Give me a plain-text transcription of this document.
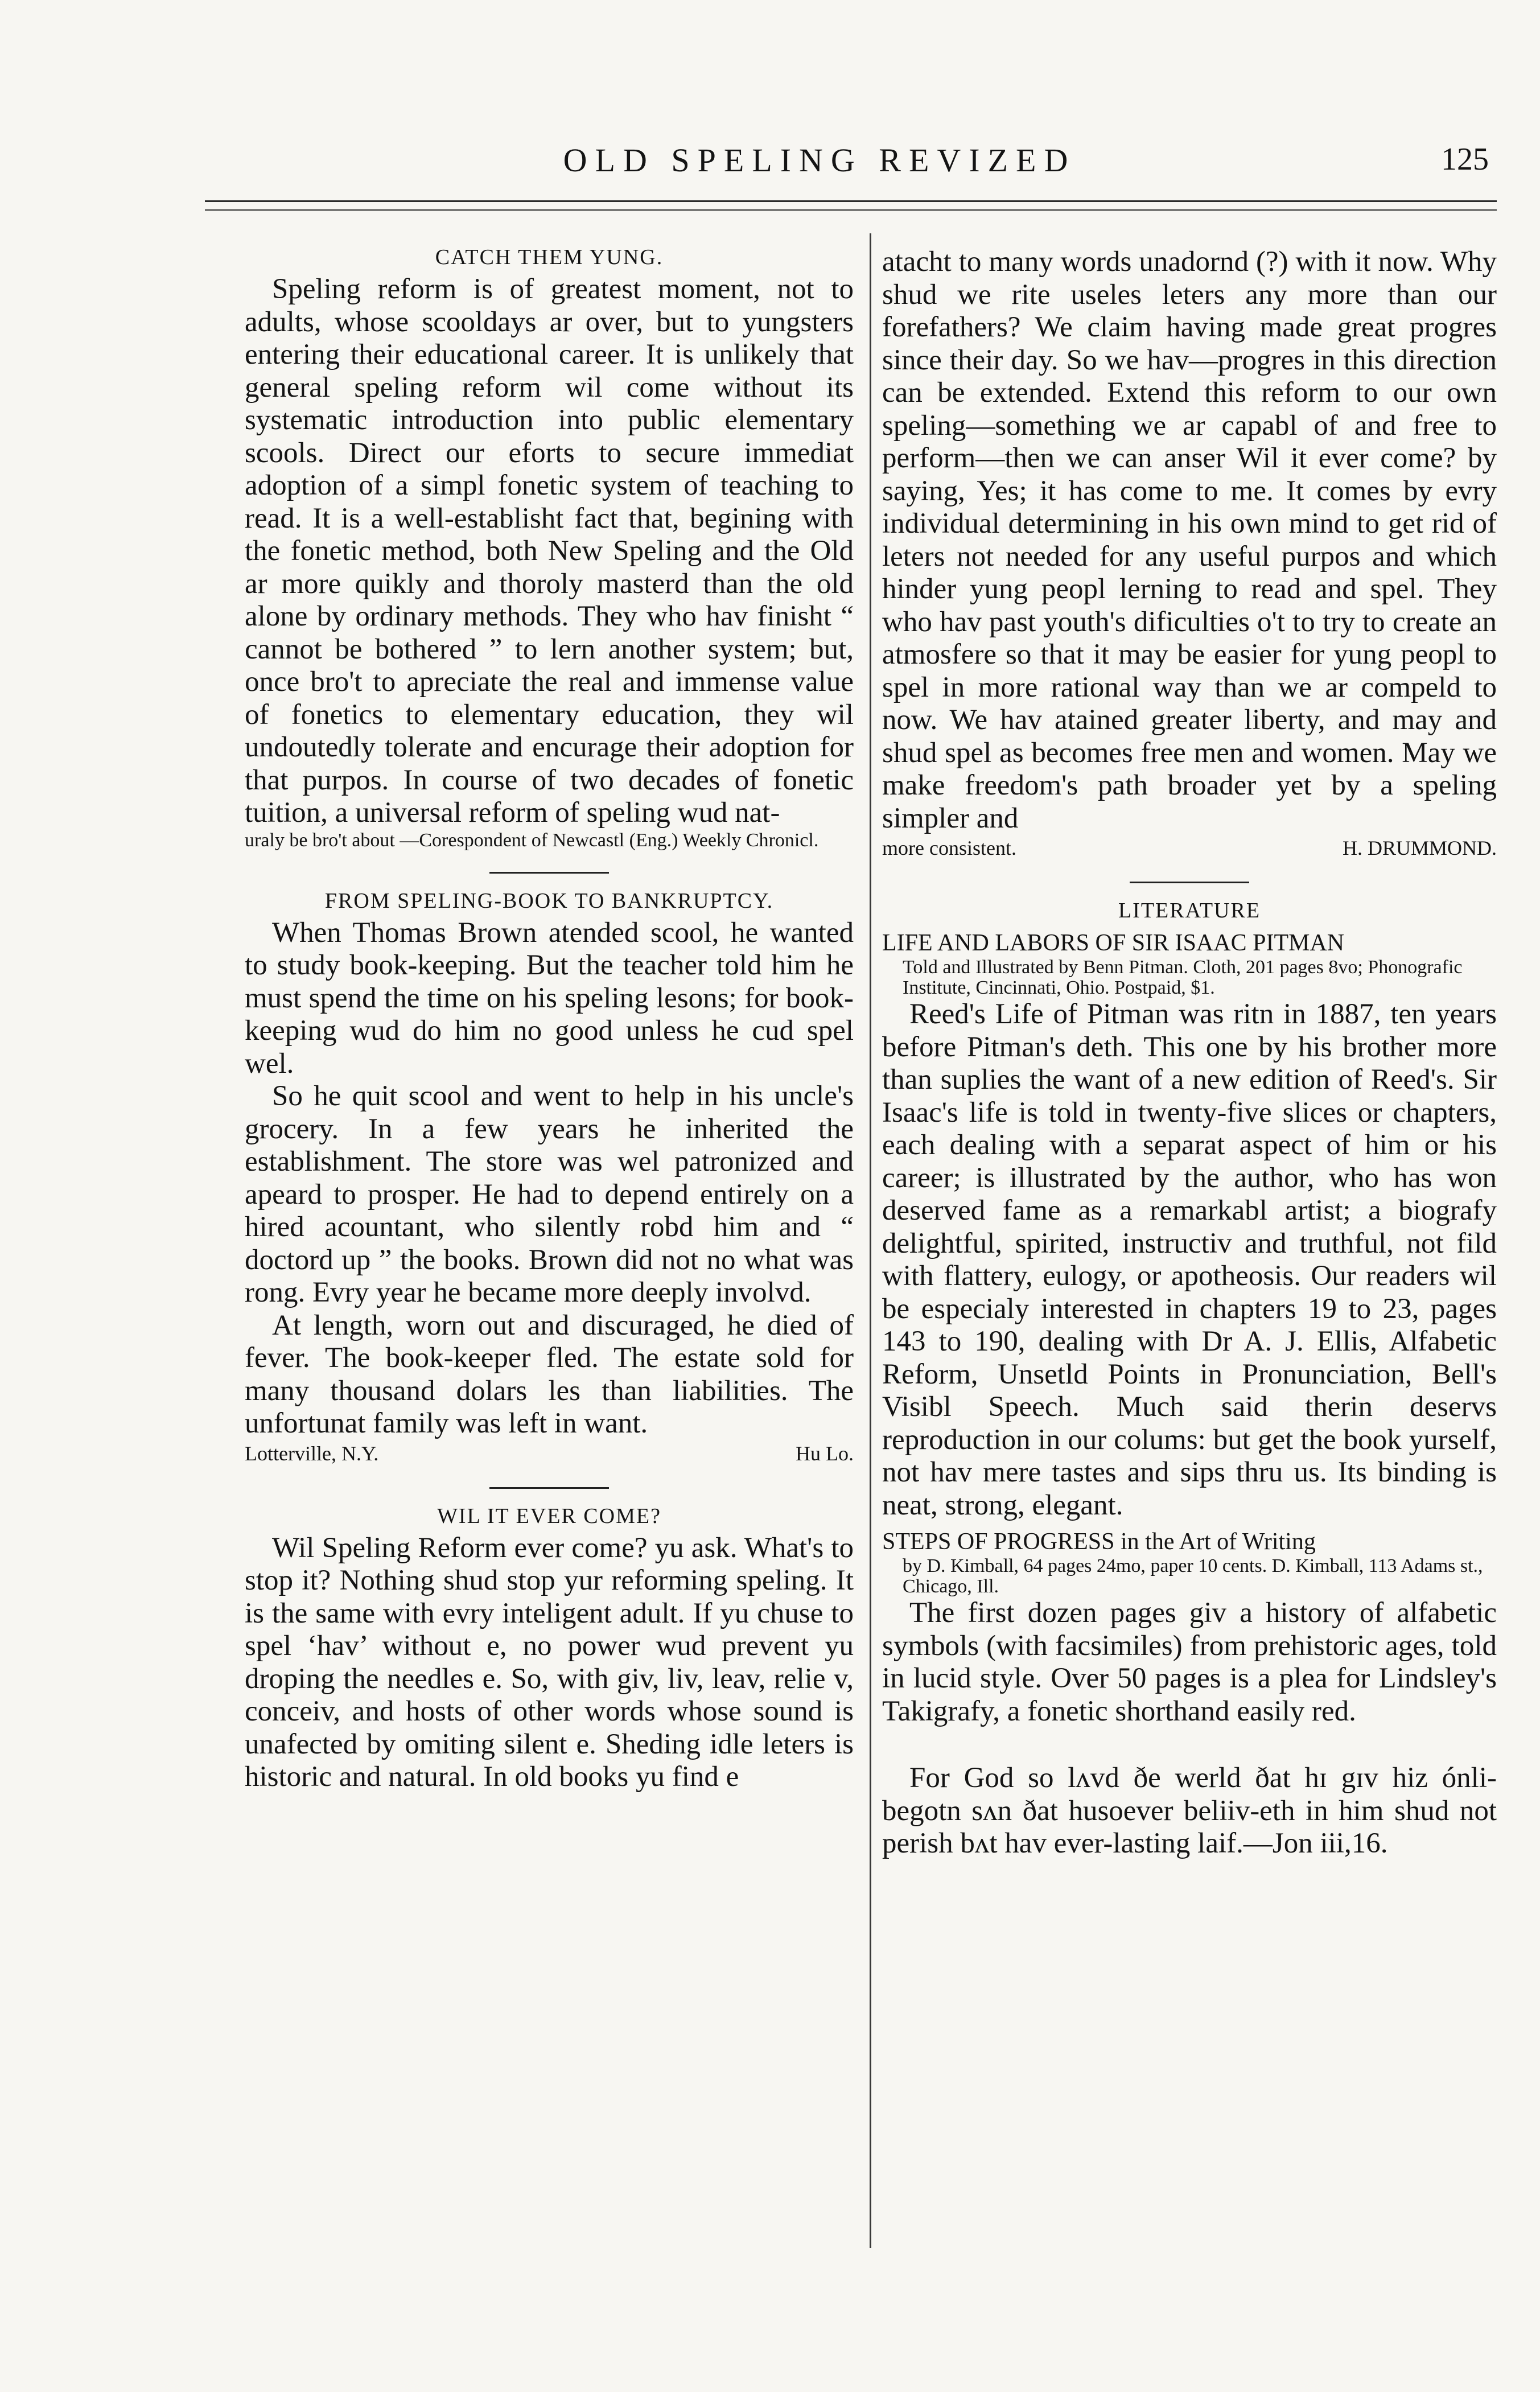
OLD SPELING REVIZED	125
CATCH THEM YUNG.

Speling reform is of greatest moment, not to adults, whose scooldays ar over, but to yungsters entering their educational career. It is unlikely that general speling reform wil come without its systematic introduction into public elementary scools. Direct our eforts to secure immediat adoption of a simpl fonetic system of teaching to read. It is a well-establisht fact that, begining with the fonetic method, both New Speling and the Old ar more quikly and thoroly masterd than the old alone by ordinary methods. They who hav finisht “ cannot be bothered ” to lern another system; but, once bro't to apreciate the real and immense value of fonetics to elementary education, they wil undoutedly tolerate and encurage their adoption for that purpos. In course of two decades of fonetic tuition, a universal reform of speling wud nat-

uraly be bro't about —Corespondent of Newcastl (Eng.) Weekly Chronicl.

FROM SPELING-BOOK TO BANKRUPTCY.

When Thomas Brown atended scool, he wanted to study book-keeping. But the teacher told him he must spend the time on his speling lesons; for book-keeping wud do him no good unless he cud spel wel.

So he quit scool and went to help in his uncle's grocery. In a few years he inherited the establishment. The store was wel patronized and apeard to prosper. He had to depend entirely on a hired acountant, who silently robd him and “ doctord up ” the books. Brown did not no what was rong. Evry year he became more deeply involvd.

At length, worn out and discuraged, he died of fever. The book-keeper fled. The estate sold for many thousand dolars les than liabilities. The unfortunat family was left in want.

Lotterville, N.Y.	Hu Lo.
WIL IT EVER COME?

Wil Speling Reform ever come? yu ask. What's to stop it? Nothing shud stop yur reforming speling. It is the same with evry inteligent adult. If yu chuse to spel ‘hav’ without e, no power wud prevent yu droping the needles e. So, with giv, liv, leav, relie v, conceiv, and hosts of other words whose sound is unafected by omiting silent e. Sheding idle leters is historic and natural. In old books yu find e

atacht to many words unadornd (?) with it now. Why shud we rite useles leters any more than our forefathers? We claim having made great progres since their day. So we hav—progres in this direction can be extended. Extend this reform to our own speling—something we ar capabl of and free to perform—then we can anser Wil it ever come? by saying, Yes; it has come to me. It comes by evry individual determining in his own mind to get rid of leters not needed for any useful purpos and which hinder yung peopl lerning to read and spel. They who hav past youth's dificulties o't to try to create an atmosfere so that it may be easier for yung peopl to spel in more rational way than we ar compeld to now. We hav atained greater liberty, and may and shud spel as becomes free men and women. May we make freedom's path broader yet by a speling simpler and

more consistent.	H. DRUMMOND.
LITERATURE
LIFE AND LABORS OF SIR ISAAC PITMAN
Told and Illustrated by Benn Pitman. Cloth, 201 pages 8vo; Phonografic Institute, Cincinnati, Ohio. Postpaid, $1.

Reed's Life of Pitman was ritn in 1887, ten years before Pitman's deth. This one by his brother more than suplies the want of a new edition of Reed's. Sir Isaac's life is told in twenty-five slices or chapters, each dealing with a separat aspect of him or his career; is illustrated by the author, who has won deserved fame as a remarkabl artist; a biografy delightful, spirited, instructiv and truthful, not fild with flattery, eulogy, or apotheosis. Our readers wil be especialy interested in chapters 19 to 23, pages 143 to 190, dealing with Dr A. J. Ellis, Alfabetic Reform, Unsetld Points in Pronunciation, Bell's Visibl Speech. Much said therin deservs reproduction in our colums: but get the book yurself, not hav mere tastes and sips thru us. Its binding is neat, strong, elegant.

STEPS OF PROGRESS in the Art of Writing
by D. Kimball, 64 pages 24mo, paper 10 cents. D. Kimball, 113 Adams st., Chicago, Ill.

The first dozen pages giv a history of alfabetic symbols (with facsimiles) from prehistoric ages, told in lucid style. Over 50 pages is a plea for Lindsley's Takigrafy, a fonetic shorthand easily red.

For God so lʌvd ðe werld ðat hɪ gɪv hiz ónli-begotn sʌn ðat husoever beliiv-eth in him shud not perish bʌt hav ever-lasting laif.—Jon iii,16.
